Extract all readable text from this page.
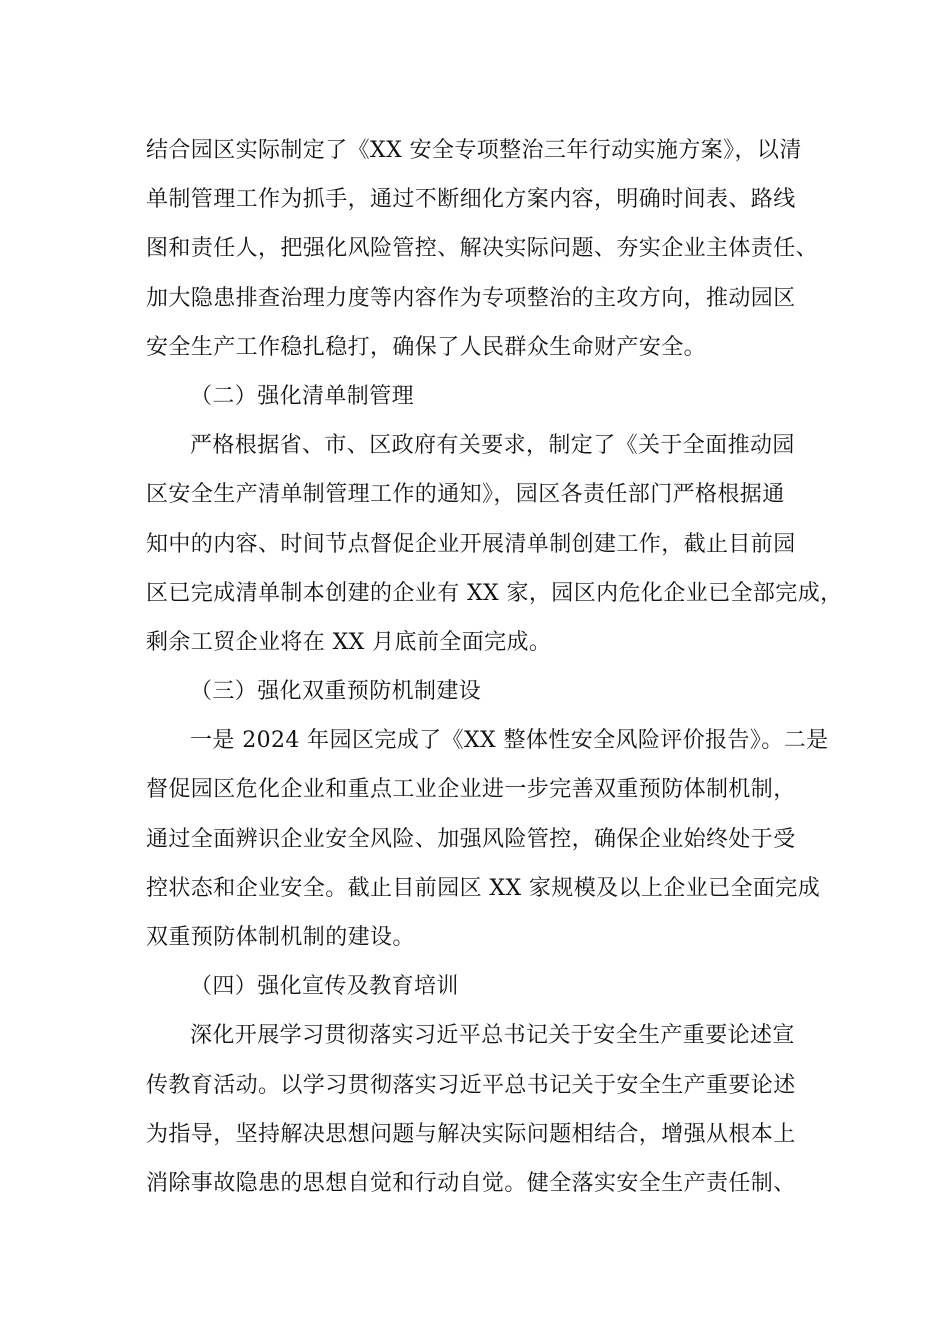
结合园区实际制定了《XX 安全专项整治三年行动实施方案》，以清
单制管理工作为抓手，通过不断细化方案内容，明确时间表、路线
图和责任人，把强化风险管控、解决实际问题、夯实企业主体责任、
加大隐患排查治理力度等内容作为专项整治的主攻方向，推动园区
安全生产工作稳扎稳打，确保了人民群众生命财产安全。
（二）强化清单制管理
严格根据省、市、区政府有关要求，制定了《关于全面推动园
区安全生产清单制管理工作的通知》，园区各责任部门严格根据通
知中的内容、时间节点督促企业开展清单制创建工作，截止目前园
区已完成清单制本创建的企业有 XX 家，园区内危化企业已全部完成，
剩余工贸企业将在 XX 月底前全面完成。
（三）强化双重预防机制建设
一是 2024 年园区完成了《XX 整体性安全风险评价报告》。二是
督促园区危化企业和重点工业企业进一步完善双重预防体制机制，
通过全面辨识企业安全风险、加强风险管控，确保企业始终处于受
控状态和企业安全。截止目前园区 XX 家规模及以上企业已全面完成
双重预防体制机制的建设。
（四）强化宣传及教育培训
深化开展学习贯彻落实习近平总书记关于安全生产重要论述宣
传教育活动。以学习贯彻落实习近平总书记关于安全生产重要论述
为指导，坚持解决思想问题与解决实际问题相结合，增强从根本上
消除事故隐患的思想自觉和行动自觉。健全落实安全生产责任制、
